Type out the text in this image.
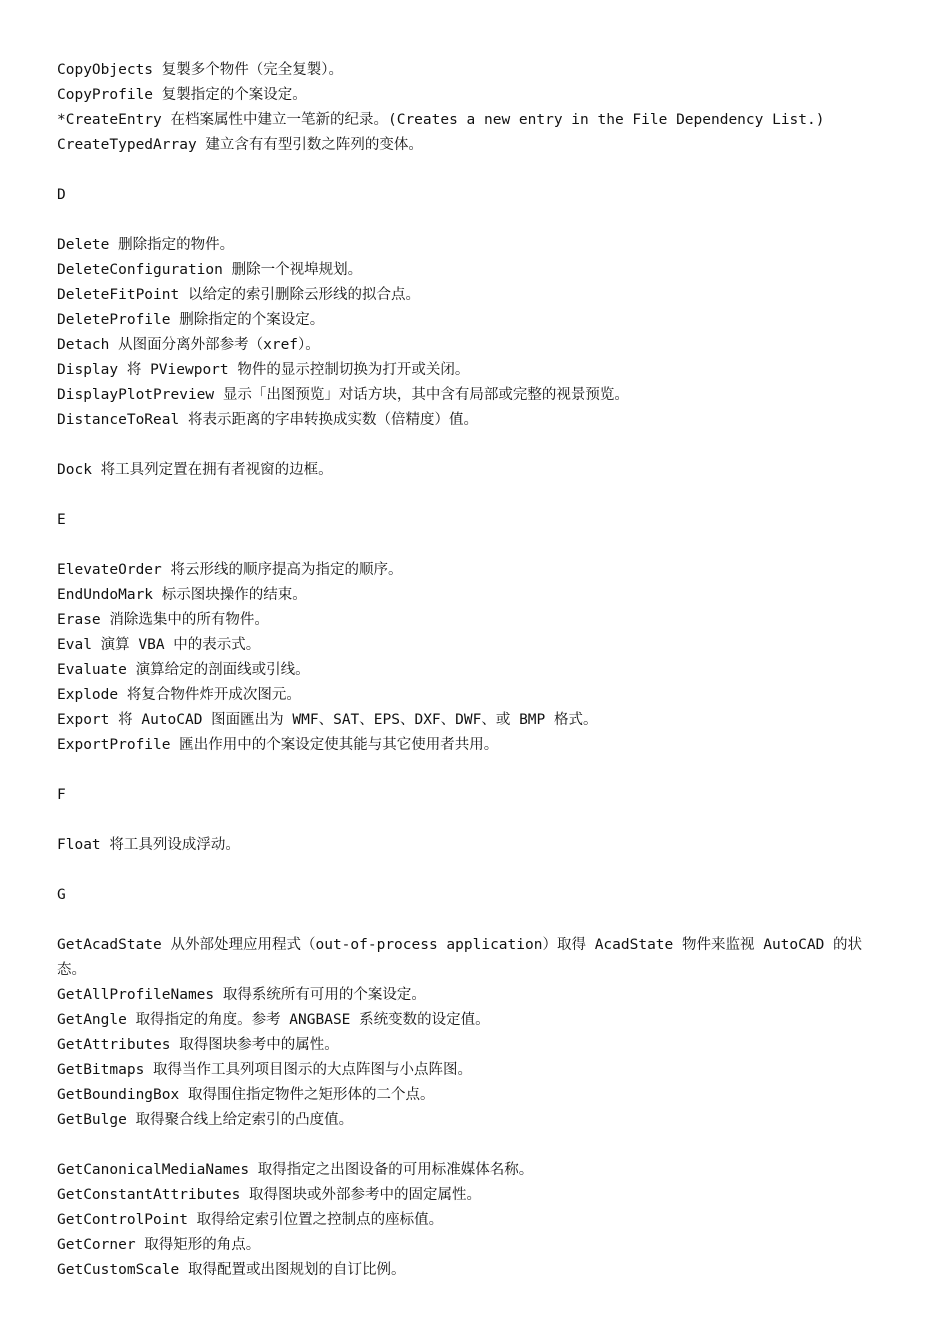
CopyObjects 复製多个物件（完全复製）。
CopyProfile 复製指定的个案设定。
*CreateEntry 在档案属性中建立一笔新的纪录。(Creates a new entry in the File Dependency List.)
CreateTypedArray 建立含有有型引数之阵列的变体。
D
Delete 删除指定的物件。
DeleteConfiguration 删除一个视埠规划。
DeleteFitPoint 以给定的索引删除云形线的拟合点。
DeleteProfile 删除指定的个案设定。
Detach 从图面分离外部参考（xref）。
Display 将 PViewport 物件的显示控制切换为打开或关闭。
DisplayPlotPreview 显示「出图预览」对话方块，其中含有局部或完整的视景预览。
DistanceToReal 将表示距离的字串转换成实数（倍精度）值。
Dock 将工具列定置在拥有者视窗的边框。
E
ElevateOrder 将云形线的顺序提高为指定的顺序。
EndUndoMark 标示图块操作的结束。
Erase 消除选集中的所有物件。
Eval 演算 VBA 中的表示式。
Evaluate 演算给定的剖面线或引线。
Explode 将复合物件炸开成次图元。
Export 将 AutoCAD 图面匯出为 WMF、SAT、EPS、DXF、DWF、或 BMP 格式。
ExportProfile 匯出作用中的个案设定使其能与其它使用者共用。
F
Float 将工具列设成浮动。
G
GetAcadState 从外部处理应用程式（out-of-process application）取得 AcadState 物件来监视 AutoCAD 的状
态。
GetAllProfileNames 取得系统所有可用的个案设定。
GetAngle 取得指定的角度。参考 ANGBASE 系统变数的设定值。
GetAttributes 取得图块参考中的属性。
GetBitmaps 取得当作工具列项目图示的大点阵图与小点阵图。
GetBoundingBox 取得围住指定物件之矩形体的二个点。
GetBulge 取得聚合线上给定索引的凸度值。
GetCanonicalMediaNames 取得指定之出图设备的可用标准媒体名称。
GetConstantAttributes 取得图块或外部参考中的固定属性。
GetControlPoint 取得给定索引位置之控制点的座标值。
GetCorner 取得矩形的角点。
GetCustomScale 取得配置或出图规划的自订比例。
